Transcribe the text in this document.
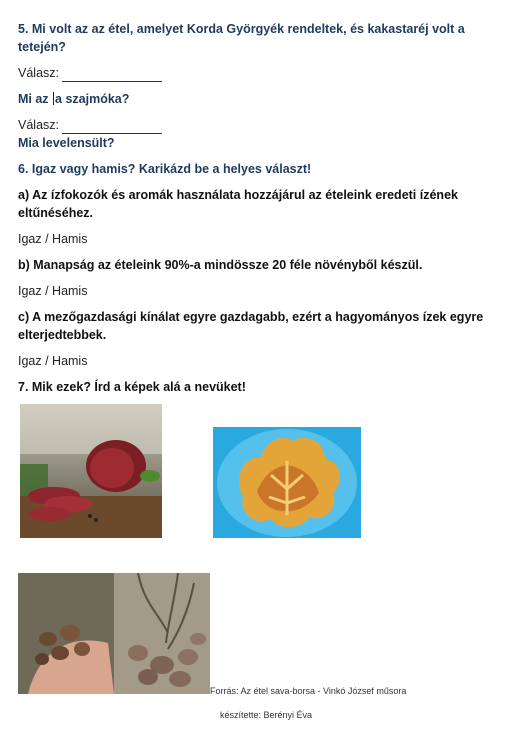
5. Mi volt az az étel, amelyet Korda Györgyék rendeltek, és kakastaréj volt a
tetején?
Válasz:
Mi az a szajmóka?
Válasz:
Mia levelensült?
6. Igaz vagy hamis? Karikázd be a helyes választ!
a) Az ízfokozók és aromák használata hozzájárul az ételeink eredeti ízének
eltűnéséhez.
Igaz / Hamis
b) Manapság az ételeink 90%-a mindössze 20 féle növényből készül.
Igaz / Hamis
c) A mezőgazdasági kínálat egyre gazdagabb, ezért a hagyományos ízek egyre
elterjedtebbek.
Igaz / Hamis
7. Mik ezek? Írd a képek alá a nevüket!
Forrás: Az étel sava-borsa - Vinkó József műsora
készítette: Berényi Éva
